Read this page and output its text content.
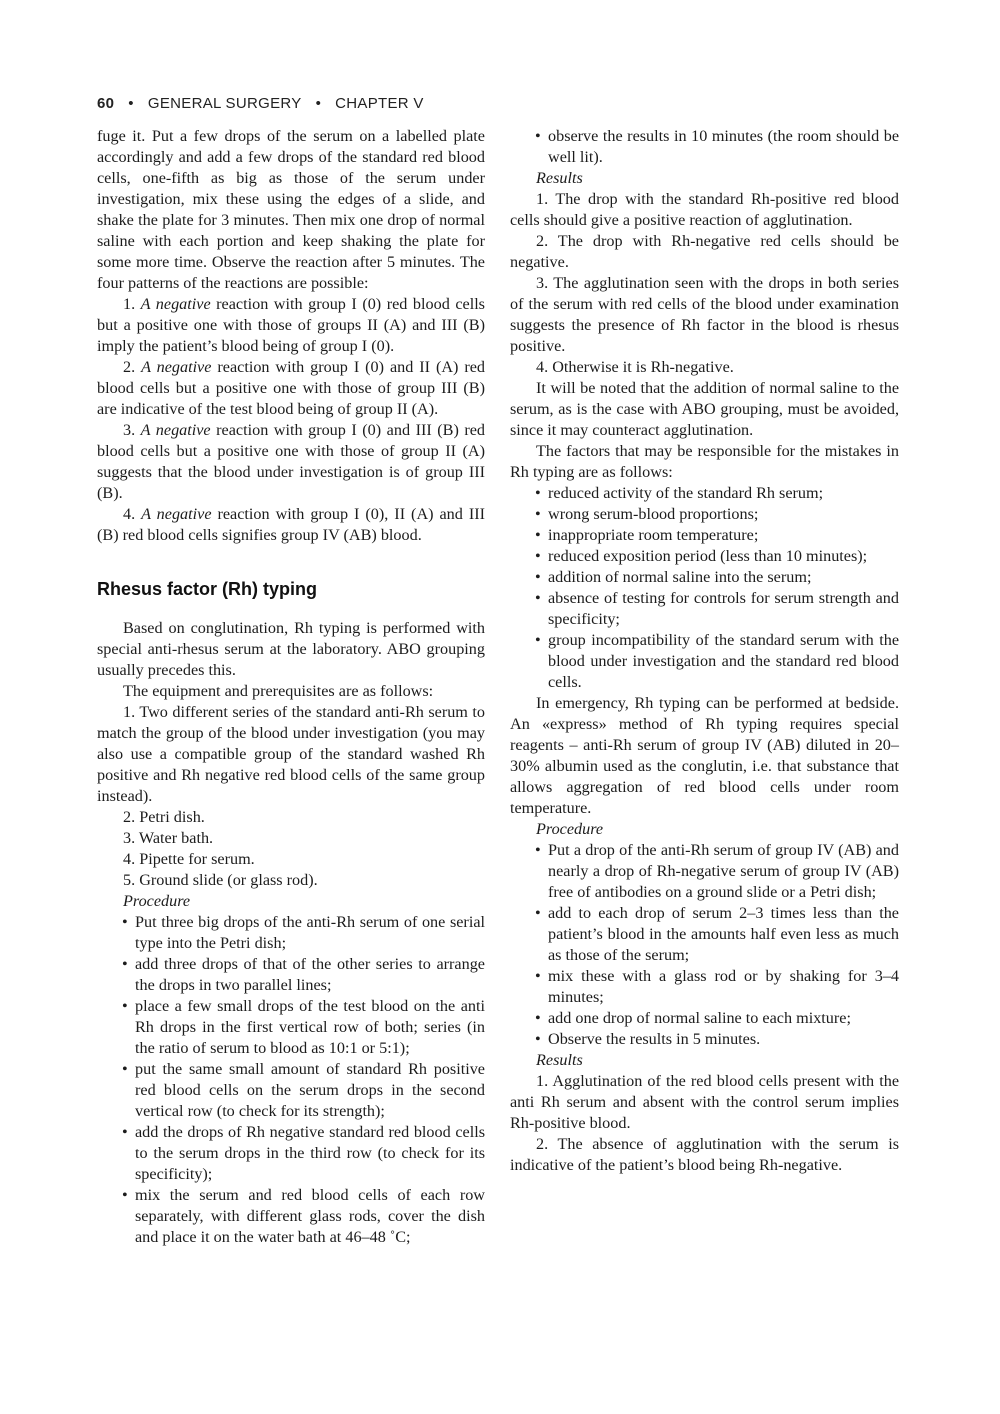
60 • GENERAL SURGERY • CHAPTER V

fuge it. Put a few drops of the serum on a labelled plate accordingly and add a few drops of the standard red blood cells, one-fifth as big as those of the serum under investigation, mix these using the edges of a slide, and shake the plate for 3 minutes. Then mix one drop of normal saline with each portion and keep shaking the plate for some more time. Observe the reaction after 5 minutes. The four patterns of the reactions are possible:

1. A negative reaction with group I (0) red blood cells but a positive one with those of groups II (A) and III (B) imply the patient’s blood being of group I (0).

2. A negative reaction with group I (0) and II (A) red blood cells but a positive one with those of group III (B) are indicative of the test blood being of group II (A).

3. A negative reaction with group I (0) and III (B) red blood cells but a positive one with those of group II (A) suggests that the blood under investigation is of group III (B).

4. A negative reaction with group I (0), II (A) and III (B) red blood cells signifies group IV (AB) blood.

Rhesus factor (Rh) typing

Based on conglutination, Rh typing is performed with special anti-rhesus serum at the laboratory. ABO grouping usually precedes this.

The equipment and prerequisites are as follows:

1. Two different series of the standard anti-Rh serum to match the group of the blood under investigation (you may also use a compatible group of the standard washed Rh positive and Rh negative red blood cells of the same group instead).

2. Petri dish.

3. Water bath.

4. Pipette for serum.

5. Ground slide (or glass rod).

Procedure

• Put three big drops of the anti-Rh serum of one serial type into the Petri dish;
• add three drops of that of the other series to arrange the drops in two parallel lines;
• place a few small drops of the test blood on the anti Rh drops in the first vertical row of both; series (in the ratio of serum to blood as 10:1 or 5:1);
• put the same small amount of standard Rh positive red blood cells on the serum drops in the second vertical row (to check for its strength);
• add the drops of Rh negative standard red blood cells to the serum drops in the third row (to check for its specificity);
• mix the serum and red blood cells of each row separately, with different glass rods, cover the dish and place it on the water bath at 46–48 ˚C;
• observe the results in 10 minutes (the room should be well lit).

Results

1. The drop with the standard Rh-positive red blood cells should give a positive reaction of agglutination.

2. The drop with Rh-negative red cells should be negative.

3. The agglutination seen with the drops in both series of the serum with red cells of the blood under examination suggests the presence of Rh factor in the blood is rhesus positive.

4. Otherwise it is Rh-negative.

It will be noted that the addition of normal saline to the serum, as is the case with ABO grouping, must be avoided, since it may counteract agglutination.

The factors that may be responsible for the mistakes in Rh typing are as follows:

• reduced activity of the standard Rh serum;
• wrong serum-blood proportions;
• inappropriate room temperature;
• reduced exposition period (less than 10 minutes);
• addition of normal saline into the serum;
• absence of testing for controls for serum strength and specificity;
• group incompatibility of the standard serum with the blood under investigation and the standard red blood cells.

In emergency, Rh typing can be performed at bedside. An «express» method of Rh typing requires special reagents – anti-Rh serum of group IV (AB) diluted in 20–30% albumin used as the conglutin, i.e. that substance that allows aggregation of red blood cells under room temperature.

Procedure

• Put a drop of the anti-Rh serum of group IV (AB) and nearly a drop of Rh-negative serum of group IV (AB) free of antibodies on a ground slide or a Petri dish;
• add to each drop of serum 2–3 times less than the patient’s blood in the amounts half even less as much as those of the serum;
• mix these with a glass rod or by shaking for 3–4 minutes;
• add one drop of normal saline to each mixture;
• Observe the results in 5 minutes.

Results

1. Agglutination of the red blood cells present with the anti Rh serum and absent with the control serum implies Rh-positive blood.

2. The absence of agglutination with the serum is indicative of the patient’s blood being Rh-negative.
